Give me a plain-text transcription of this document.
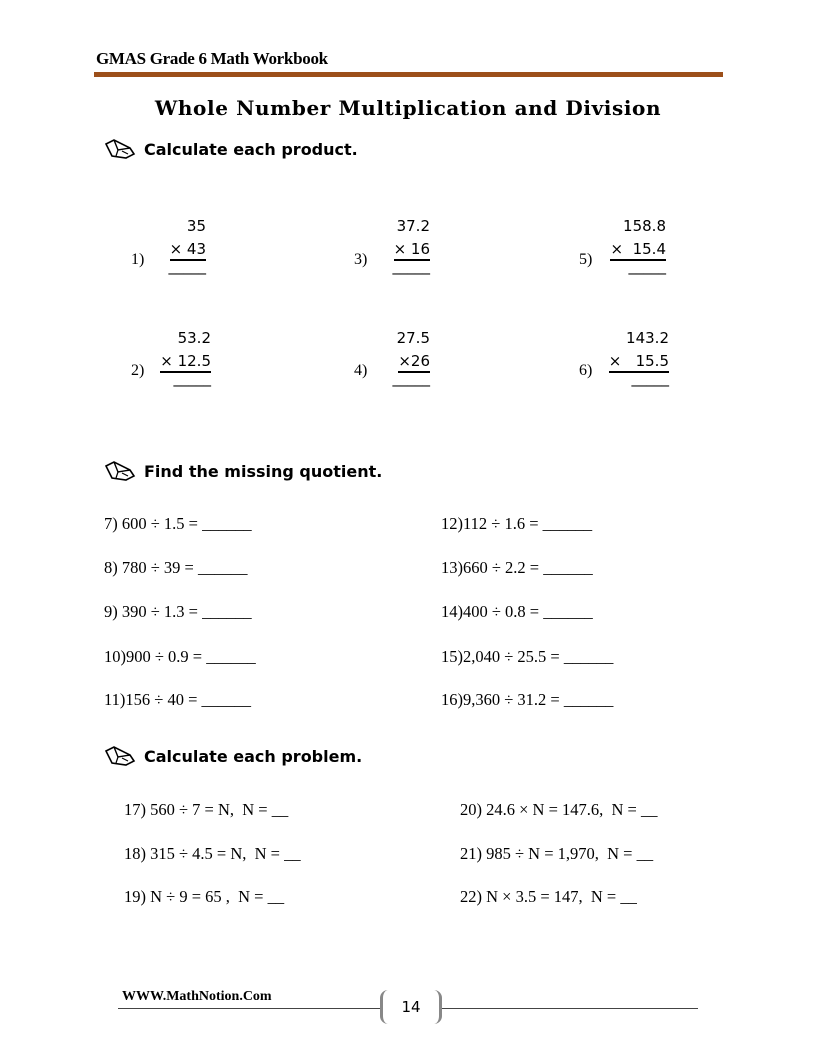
GMAS Grade 6 Math Workbook
Whole Number Multiplication and Division
Calculate each product.
1)
35
× 43
_____
2)
53.2
× 12.5
_____
3)
37.2
× 16
_____
4)
27.5
×26
_____
5)
158.8
×  15.4
_____
6)
143.2
×   15.5
_____
Find the missing quotient.
7) 600 ÷ 1.5 = ______
8) 780 ÷ 39 = ______
9) 390 ÷ 1.3 = ______
10)900 ÷ 0.9 = ______
11)156 ÷ 40 = ______
12)112 ÷ 1.6 = ______
13)660 ÷ 2.2 = ______
14)400 ÷ 0.8 = ______
15)2,040 ÷ 25.5 = ______
16)9,360 ÷ 31.2 = ______
Calculate each problem.
17) 560 ÷ 7 = N,  N = __
18) 315 ÷ 4.5 = N,  N = __
19) N ÷ 9 = 65 ,  N = __
20) 24.6 × N = 147.6,  N = __
21) 985 ÷ N = 1,970,  N = __
22) N × 3.5 = 147,  N = __
WWW.MathNotion.Com
14
